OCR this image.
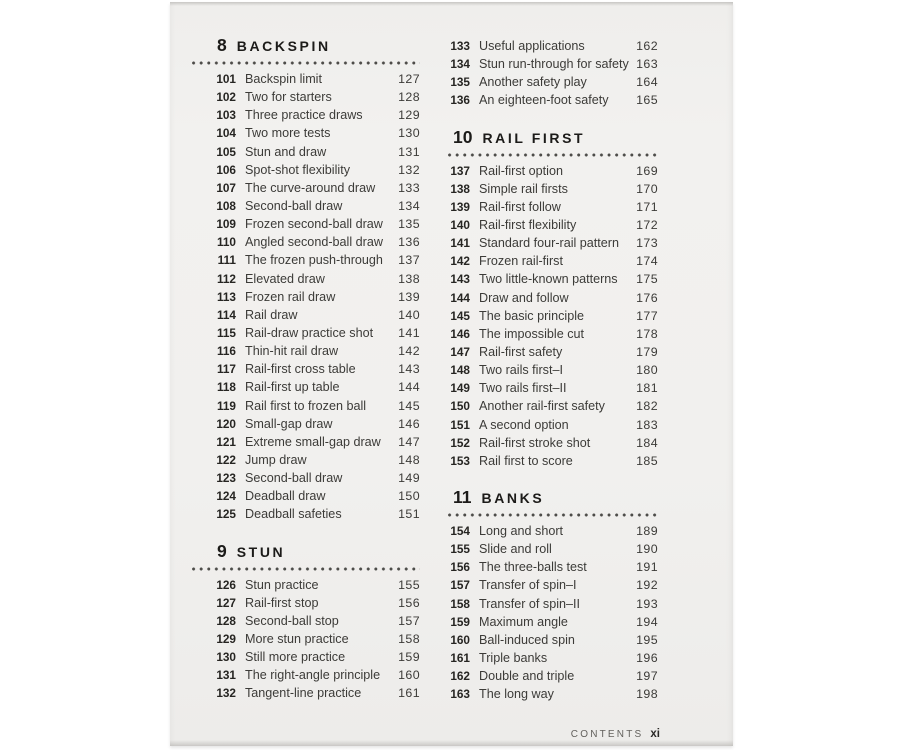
8 BACKSPIN
101 Backspin limit	127
102 Two for starters	128
103 Three practice draws	129
104 Two more tests	130
105 Stun and draw	131
106 Spot-shot flexibility	132
107 The curve-around draw	133
108 Second-ball draw	134
109 Frozen second-ball draw	135
110 Angled second-ball draw	136
111 The frozen push-through	137
112 Elevated draw	138
113 Frozen rail draw	139
114 Rail draw	140
115 Rail-draw practice shot	141
116 Thin-hit rail draw	142
117 Rail-first cross table	143
118 Rail-first up table	144
119 Rail first to frozen ball	145
120 Small-gap draw	146
121 Extreme small-gap draw	147
122 Jump draw	148
123 Second-ball draw	149
124 Deadball draw	150
125 Deadball safeties	151
9 STUN
126 Stun practice	155
127 Rail-first stop	156
128 Second-ball stop	157
129 More stun practice	158
130 Still more practice	159
131 The right-angle principle	160
132 Tangent-line practice	161
133 Useful applications	162
134 Stun run-through for safety 163
135 Another safety play	164
136 An eighteen-foot safety	165
10 RAIL FIRST
137 Rail-first option	169
138 Simple rail firsts	170
139 Rail-first follow	171
140 Rail-first flexibility	172
141 Standard four-rail pattern	173
142 Frozen rail-first	174
143 Two little-known patterns	175
144 Draw and follow	176
145 The basic principle	177
146 The impossible cut	178
147 Rail-first safety	179
148 Two rails first–I	180
149 Two rails first–II	181
150 Another rail-first safety	182
151 A second option	183
152 Rail-first stroke shot	184
153 Rail first to score	185
11 BANKS
154 Long and short	189
155 Slide and roll	190
156 The three-balls test	191
157 Transfer of spin–I	192
158 Transfer of spin–II	193
159 Maximum angle	194
160 Ball-induced spin	195
161 Triple banks	196
162 Double and triple	197
163 The long way	198
CONTENTS xi
